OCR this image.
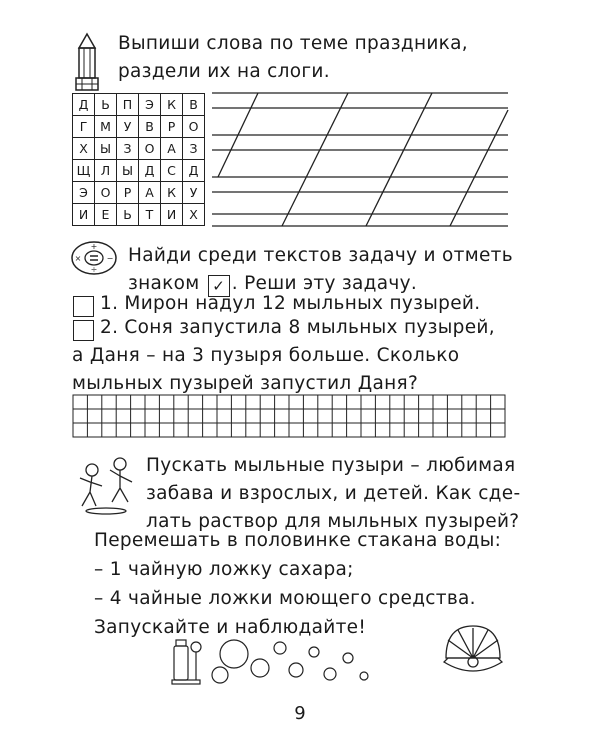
Выпиши слова по теме праздника,
раздели их на слоги.
Д	Ь	П	Э	К	В
Г	М	У	В	Р	О
Х	Ы	З	О	А	З
Щ	Л	Ы	Д	С	Д
Э	О	Р	А	К	У
И	Е	Ь	Т	И	Х
+
÷
×	− Найди среди текстов задачу и отметь
знаком ✓ . Реши эту задачу.
1. Мирон надул 12 мыльных пузырей.
2. Соня запустила 8 мыльных пузырей,
а Даня – на 3 пузыря больше. Сколько
мыльных пузырей запустил Даня?
Пускать мыльные пузыри – любимая
забава и взрослых, и детей. Как сде-
лать раствор для мыльных пузырей?
Перемешать в половинке стакана воды:
– 1 чайную ложку сахара;
– 4 чайные ложки моющего средства.
Запускайте и наблюдайте!
9
